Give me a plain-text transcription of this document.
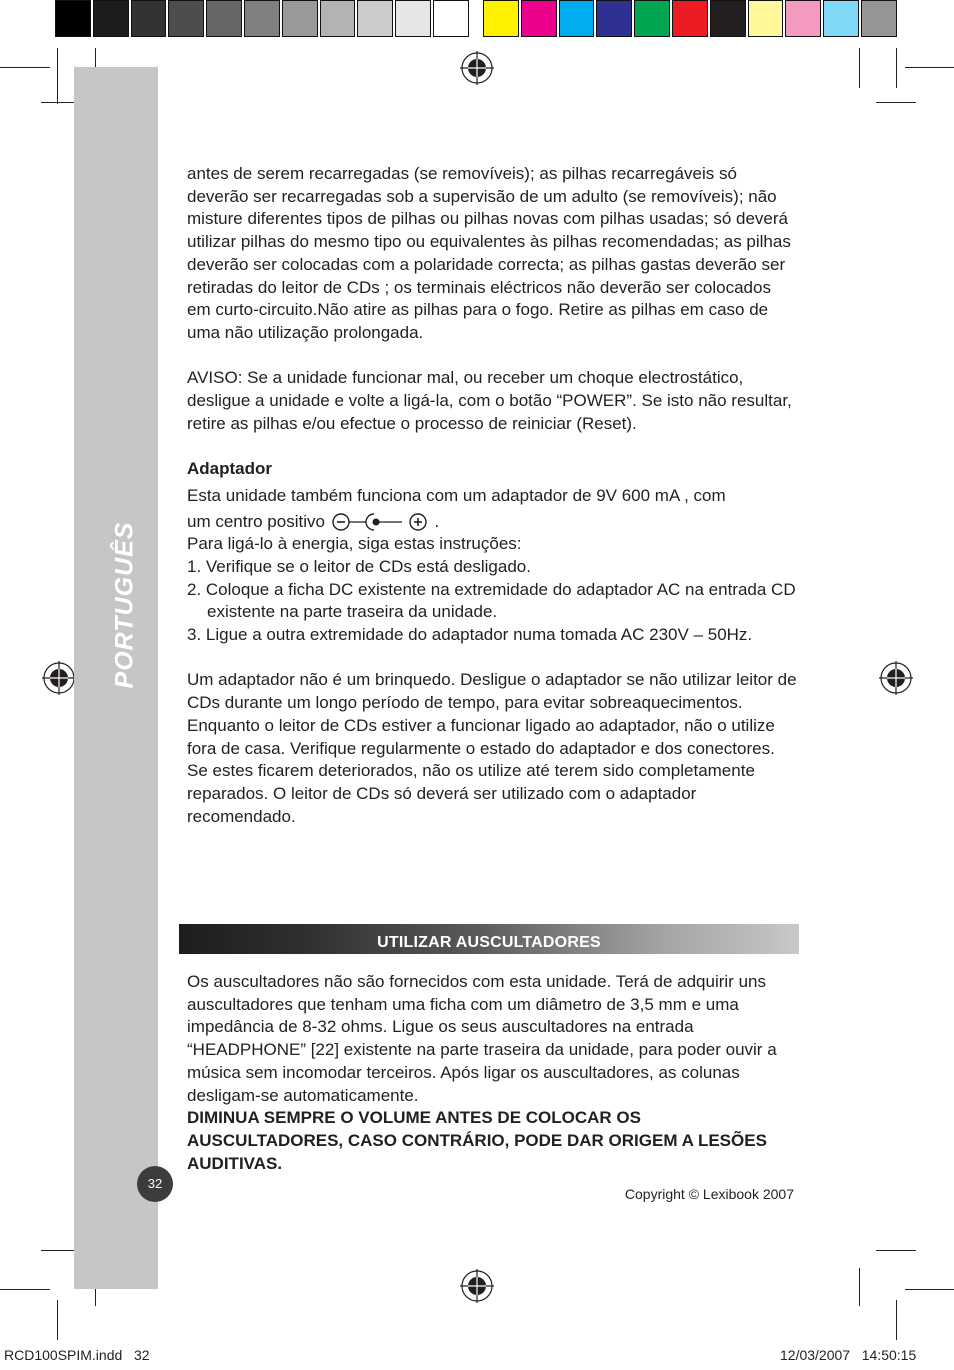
PORTUGUÊS

antes de serem recarregadas (se removíveis); as pilhas recarregáveis só deverão ser recarregadas sob a supervisão de um adulto (se removíveis); não misture diferentes tipos de pilhas ou pilhas novas com pilhas usadas; só deverá utilizar pilhas do mesmo tipo ou equivalentes às pilhas recomendadas; as pilhas deverão ser colocadas com a polaridade correcta; as pilhas gastas deverão ser retiradas do leitor de CDs ; os terminais eléctricos não deverão ser colocados em curto-circuito.Não atire as pilhas para o fogo. Retire as pilhas em caso de uma não utilização prolongada.

AVISO: Se a unidade funcionar mal, ou receber um choque electrostático, desligue a unidade e volte a ligá-la, com o botão “POWER”. Se isto não resultar, retire as pilhas e/ou efectue o processo de reiniciar (Reset).

Adaptador

Esta unidade também funciona com um adaptador de 9V 600 mA , com

um centro positivo	.

Para ligá-lo à energia, siga estas instruções:

1. Verifique se o leitor de CDs está desligado.

2. Coloque a ficha DC existente na extremidade do adaptador AC na entrada CD existente na parte traseira da unidade.

3. Ligue a outra extremidade do adaptador numa tomada AC 230V – 50Hz.

Um adaptador não é um brinquedo. Desligue o adaptador se não utilizar leitor de CDs durante um longo período de tempo, para evitar sobreaquecimentos. Enquanto o leitor de CDs estiver a funcionar ligado ao adaptador, não o utilize fora de casa. Verifique regularmente o estado do adaptador e dos conectores. Se estes ficarem deteriorados, não os utilize até terem sido completamente reparados. O leitor de CDs só deverá ser utilizado com o adaptador recomendado.

UTILIZAR AUSCULTADORES

Os auscultadores não são fornecidos com esta unidade. Terá de adquirir uns auscultadores que tenham uma ficha com um diâmetro de 3,5 mm e uma impedância de 8-32 ohms. Ligue os seus auscultadores na entrada “HEADPHONE” [22] existente na parte traseira da unidade, para poder ouvir a música sem incomodar terceiros. Após ligar os auscultadores, as colunas desligam-se automaticamente.

DIMINUA SEMPRE O VOLUME ANTES DE COLOCAR OS AUSCULTADORES, CASO CONTRÁRIO, PODE DAR ORIGEM A LESÕES AUDITIVAS.

32
Copyright © Lexibook 2007
RCD100SPIM.indd   32	12/03/2007   14:50:15
